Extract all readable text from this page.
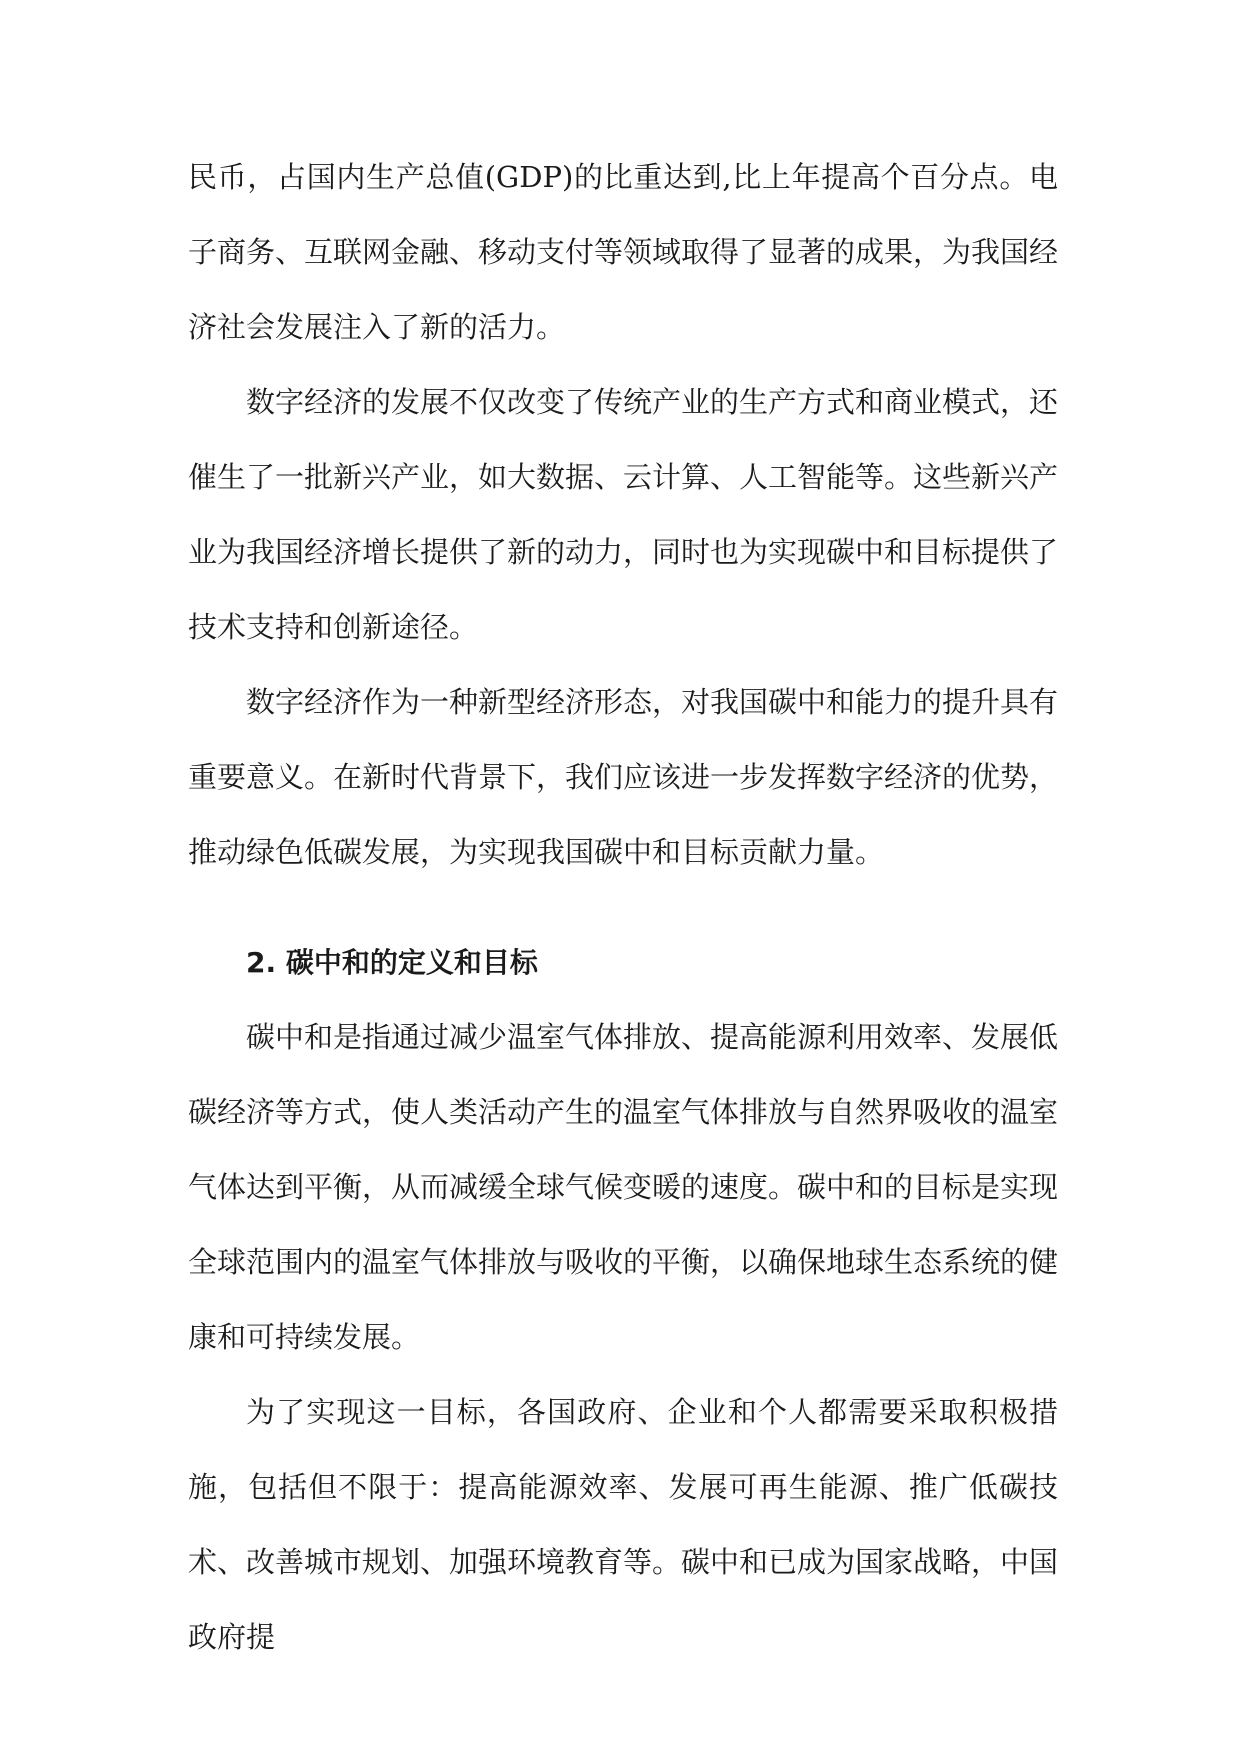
民币，占国内生产总值(GDP)的比重达到,比上年提高个百分点。电子商务、互联网金融、移动支付等领域取得了显著的成果，为我国经济社会发展注入了新的活力。

数字经济的发展不仅改变了传统产业的生产方式和商业模式，还催生了一批新兴产业，如大数据、云计算、人工智能等。这些新兴产业为我国经济增长提供了新的动力，同时也为实现碳中和目标提供了技术支持和创新途径。

数字经济作为一种新型经济形态，对我国碳中和能力的提升具有重要意义。在新时代背景下，我们应该进一步发挥数字经济的优势，推动绿色低碳发展，为实现我国碳中和目标贡献力量。

2. 碳中和的定义和目标

碳中和是指通过减少温室气体排放、提高能源利用效率、发展低碳经济等方式，使人类活动产生的温室气体排放与自然界吸收的温室气体达到平衡，从而减缓全球气候变暖的速度。碳中和的目标是实现全球范围内的温室气体排放与吸收的平衡，以确保地球生态系统的健康和可持续发展。

为了实现这一目标，各国政府、企业和个人都需要采取积极措施，包括但不限于：提高能源效率、发展可再生能源、推广低碳技术、改善城市规划、加强环境教育等。碳中和已成为国家战略，中国政府提
